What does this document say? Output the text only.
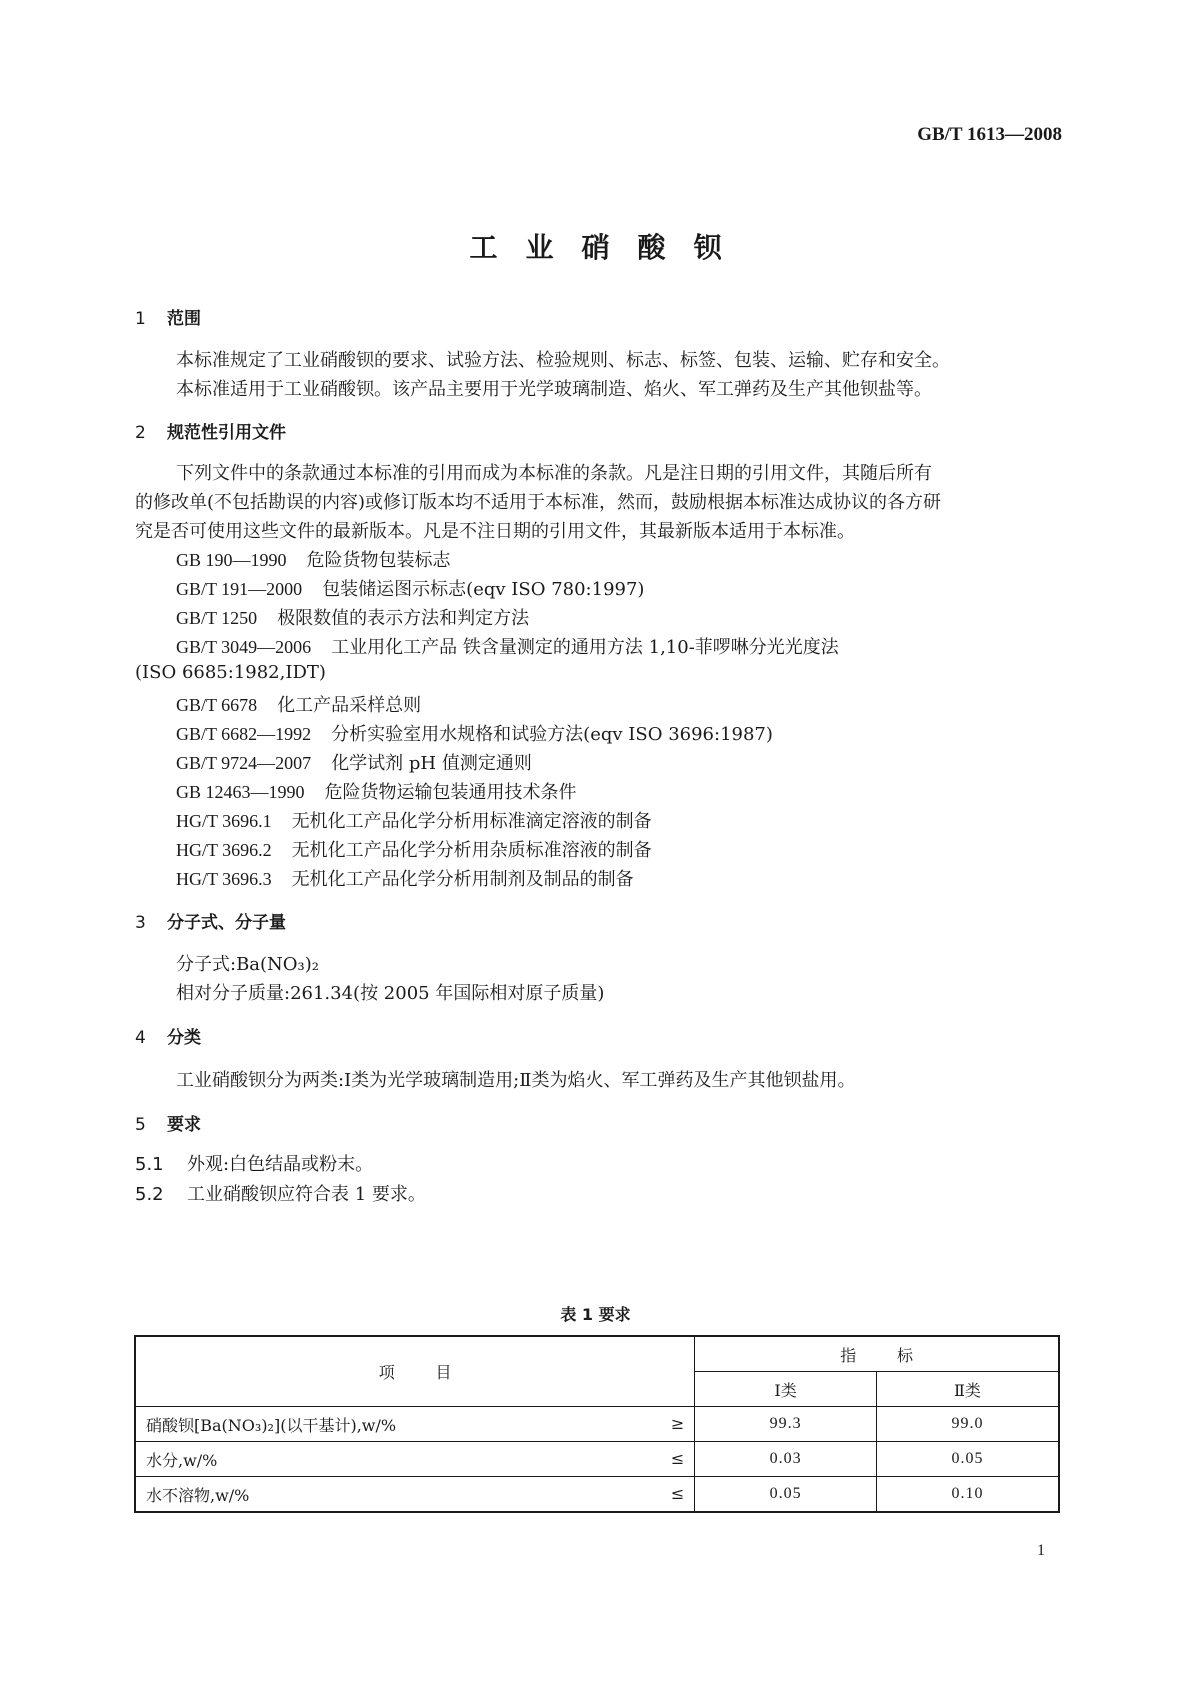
GB/T 1613—2008
工业硝酸钡
1 范围
本标准规定了工业硝酸钡的要求、试验方法、检验规则、标志、标签、包装、运输、贮存和安全。
本标准适用于工业硝酸钡。该产品主要用于光学玻璃制造、焰火、军工弹药及生产其他钡盐等。
2 规范性引用文件
下列文件中的条款通过本标准的引用而成为本标准的条款。凡是注日期的引用文件，其随后所有
的修改单(不包括勘误的内容)或修订版本均不适用于本标准，然而，鼓励根据本标准达成协议的各方研
究是否可使用这些文件的最新版本。凡是不注日期的引用文件，其最新版本适用于本标准。
GB 190—1990 危险货物包装标志
GB/T 191—2000 包装储运图示标志(eqv ISO 780:1997)
GB/T 1250 极限数值的表示方法和判定方法
GB/T 3049—2006 工业用化工产品 铁含量测定的通用方法 1,10-菲啰啉分光光度法
(ISO 6685:1982,IDT)
GB/T 6678 化工产品采样总则
GB/T 6682—1992 分析实验室用水规格和试验方法(eqv ISO 3696:1987)
GB/T 9724—2007 化学试剂 pH 值测定通则
GB 12463—1990 危险货物运输包装通用技术条件
HG/T 3696.1 无机化工产品化学分析用标准滴定溶液的制备
HG/T 3696.2 无机化工产品化学分析用杂质标准溶液的制备
HG/T 3696.3 无机化工产品化学分析用制剂及制品的制备
3 分子式、分子量
分子式:Ba(NO₃)₂
相对分子质量:261.34(按 2005 年国际相对原子质量)
4 分类
工业硝酸钡分为两类:Ⅰ类为光学玻璃制造用;Ⅱ类为焰火、军工弹药及生产其他钡盐用。
5 要求
5.1 外观:白色结晶或粉末。
5.2 工业硝酸钡应符合表 1 要求。
表 1 要求
项        目	指        标	
	Ⅰ类	Ⅱ类
硝酸钡[Ba(NO₃)₂](以干基计),w/% ≥	99.3	99.0
水分,w/% ≤	0.03	0.05
水不溶物,w/% ≤	0.05	0.10
1
